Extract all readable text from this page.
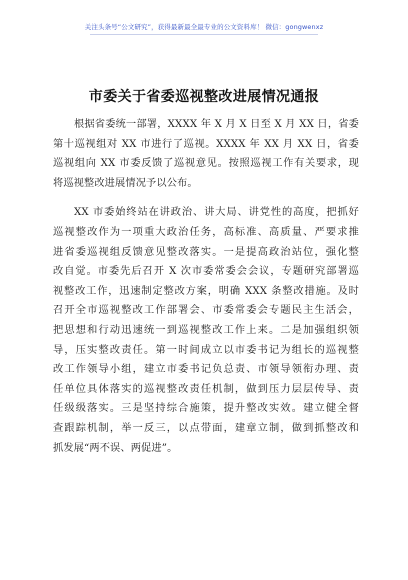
关注头条号“公文研究”，获得最新最全最专业的公文资料库！ 微信：gongwenxz
市委关于省委巡视整改进展情况通报

根据省委统一部署，XXXX 年 X 月 X 日至 X 月 XX 日，省委

第十巡视组对 XX 市进行了巡视。XXXX 年 XX 月 XX 日，省委

巡视组向 XX 市委反馈了巡视意见。按照巡视工作有关要求，现

将巡视整改进展情况予以公布。

XX 市委始终站在讲政治、讲大局、讲党性的高度，把抓好

巡视整改作为一项重大政治任务，高标准、高质量、严要求推

进省委巡视组反馈意见整改落实。一是提高政治站位，强化整

改自觉。市委先后召开 X 次市委常委会会议，专题研究部署巡

视整改工作，迅速制定整改方案，明确 XXX 条整改措施。及时

召开全市巡视整改工作部署会、市委常委会专题民主生活会，

把思想和行动迅速统一到巡视整改工作上来。二是加强组织领

导，压实整改责任。第一时间成立以市委书记为组长的巡视整

改工作领导小组，建立市委书记负总责、市领导领衔办理、责

任单位具体落实的巡视整改责任机制，做到压力层层传导、责

任级级落实。三是坚持综合施策，提升整改实效。建立健全督

查跟踪机制，举一反三，以点带面，建章立制，做到抓整改和

抓发展“两不误、两促进”。
